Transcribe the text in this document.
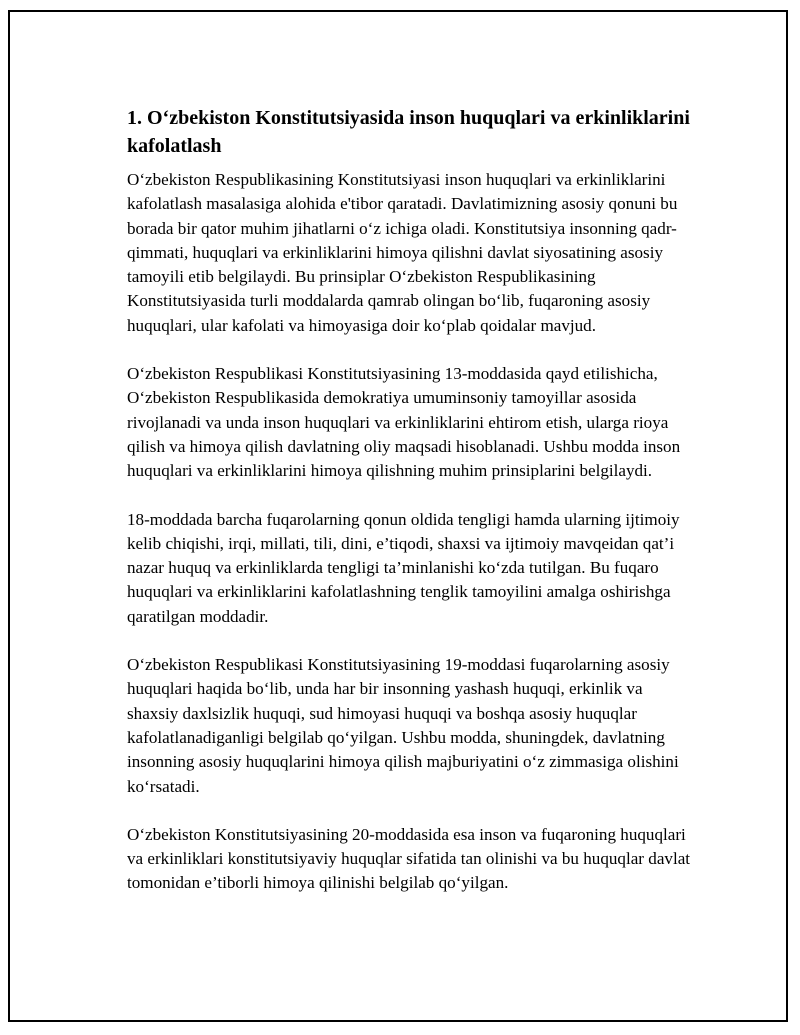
1. O‘zbekiston Konstitutsiyasida inson huquqlari va erkinliklarini kafolatlash

O‘zbekiston Respublikasining Konstitutsiyasi inson huquqlari va erkinliklarini kafolatlash masalasiga alohida e'tibor qaratadi. Davlatimizning asosiy qonuni bu borada bir qator muhim jihatlarni o‘z ichiga oladi. Konstitutsiya insonning qadr-qimmati, huquqlari va erkinliklarini himoya qilishni davlat siyosatining asosiy tamoyili etib belgilaydi. Bu prinsiplar O‘zbekiston Respublikasining Konstitutsiyasida turli moddalarda qamrab olingan bo‘lib, fuqaroning asosiy huquqlari, ular kafolati va himoyasiga doir ko‘plab qoidalar mavjud.

O‘zbekiston Respublikasi Konstitutsiyasining 13-moddasida qayd etilishicha, O‘zbekiston Respublikasida demokratiya umuminsoniy tamoyillar asosida rivojlanadi va unda inson huquqlari va erkinliklarini ehtirom etish, ularga rioya qilish va himoya qilish davlatning oliy maqsadi hisoblanadi. Ushbu modda inson huquqlari va erkinliklarini himoya qilishning muhim prinsiplarini belgilaydi.

18-moddada barcha fuqarolarning qonun oldida tengligi hamda ularning ijtimoiy kelib chiqishi, irqi, millati, tili, dini, e’tiqodi, shaxsi va ijtimoiy mavqeidan qat’i nazar huquq va erkinliklarda tengligi ta’minlanishi ko‘zda tutilgan. Bu fuqaro huquqlari va erkinliklarini kafolatlashning tenglik tamoyilini amalga oshirishga qaratilgan moddadir.

O‘zbekiston Respublikasi Konstitutsiyasining 19-moddasi fuqarolarning asosiy huquqlari haqida bo‘lib, unda har bir insonning yashash huquqi, erkinlik va shaxsiy daxlsizlik huquqi, sud himoyasi huquqi va boshqa asosiy huquqlar kafolatlanadiganligi belgilab qo‘yilgan. Ushbu modda, shuningdek, davlatning insonning asosiy huquqlarini himoya qilish majburiyatini o‘z zimmasiga olishini ko‘rsatadi.

O‘zbekiston Konstitutsiyasining 20-moddasida esa inson va fuqaroning huquqlari va erkinliklari konstitutsiyaviy huquqlar sifatida tan olinishi va bu huquqlar davlat tomonidan e’tiborli himoya qilinishi belgilab qo‘yilgan.
